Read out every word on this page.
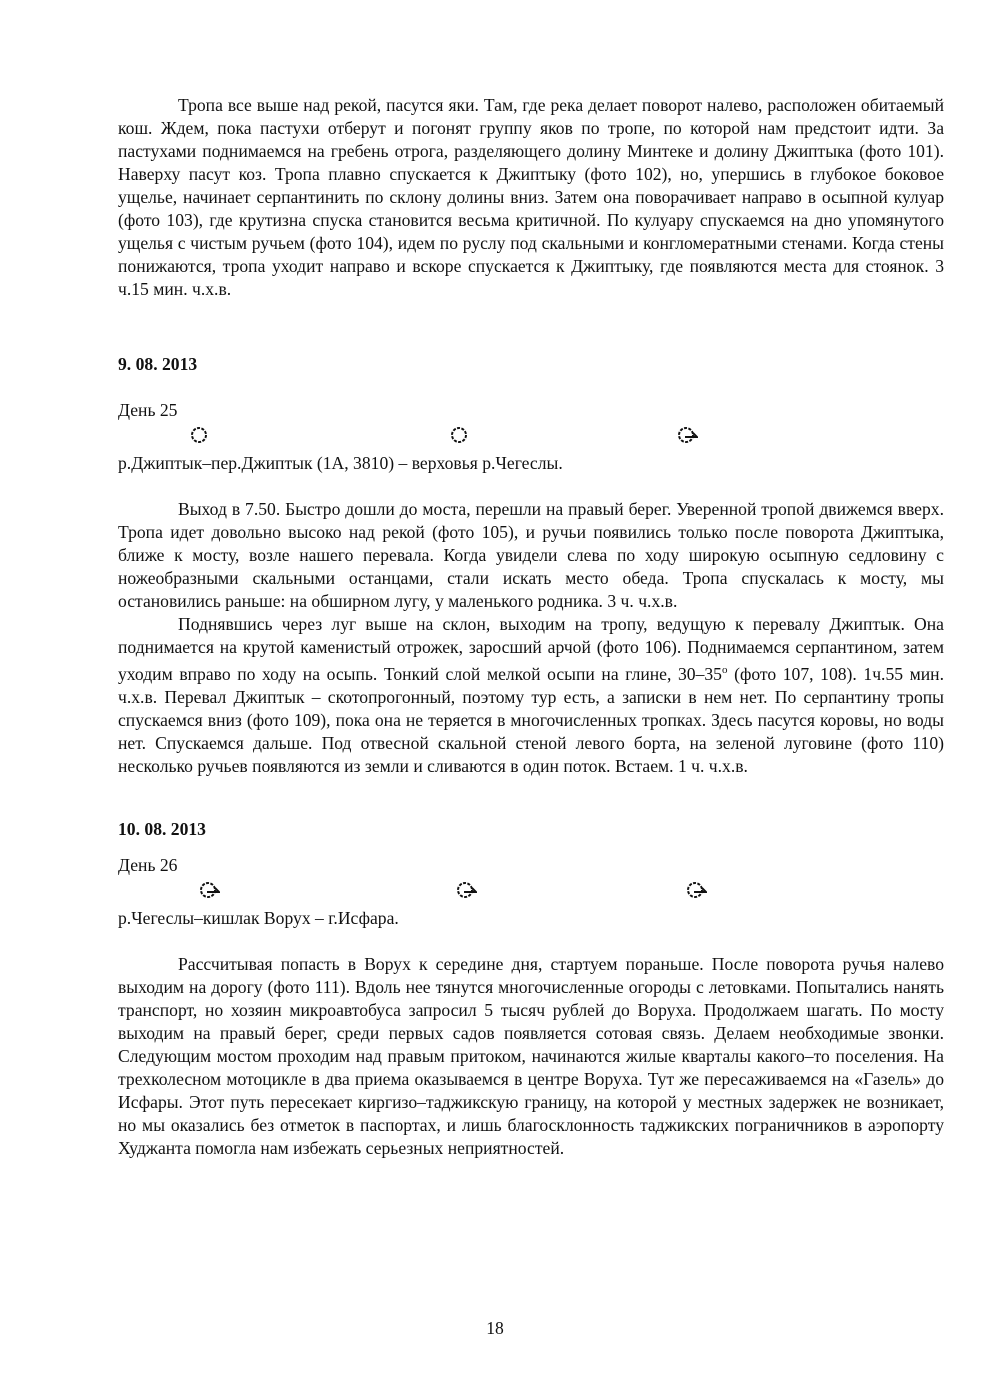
Тропа все выше над рекой, пасутся яки. Там, где река делает поворот налево, расположен обитаемый кош. Ждем, пока пастухи отберут и погонят группу яков по тропе, по которой нам предстоит идти. За пастухами поднимаемся на гребень отрога, разделяющего долину Минтеке и долину Джиптыка (фото 101). Наверху пасут коз. Тропа плавно спускается к Джиптыку (фото 102), но, упершись в глубокое боковое ущелье, начинает серпантинить по склону долины вниз. Затем она поворачивает направо в осыпной кулуар (фото 103), где крутизна спуска становится весьма критичной. По кулуару спускаемся на дно упомянутого ущелья с чистым ручьем (фото 104), идем по руслу под скальными и конгломератными стенами. Когда стены понижаются, тропа уходит направо и вскоре спускается к Джиптыку, где появляются места для стоянок. 3 ч.15 мин. ч.х.в.

9. 08. 2013

День 25

р.Джиптык–пер.Джиптык (1А, 3810) – верховья р.Чегеслы.

Выход в 7.50. Быстро дошли до моста, перешли на правый берег. Уверенной тропой движемся вверх. Тропа идет довольно высоко над рекой (фото 105), и ручьи появились только после поворота Джиптыка, ближе к мосту, возле нашего перевала. Когда увидели слева по ходу широкую осыпную седловину с ножеобразными скальными останцами, стали искать место обеда. Тропа спускалась к мосту, мы остановились раньше: на обширном лугу, у маленького родника. 3 ч. ч.х.в.

Поднявшись через луг выше на склон, выходим на тропу, ведущую к перевалу Джиптык. Она поднимается на крутой каменистый отрожек, заросший арчой (фото 106). Поднимаемся серпантином, затем уходим вправо по ходу на осыпь. Тонкий слой мелкой осыпи на глине, $30-35^о$ (фото 107, 108). 1ч.55 мин. ч.х.в. Перевал Джиптык – скотопрогонный, поэтому тур есть, а записки в нем нет. По серпантину тропы спускаемся вниз (фото 109), пока она не теряется в многочисленных тропках. Здесь пасутся коровы, но воды нет. Спускаемся дальше. Под отвесной скальной стеной левого борта, на зеленой луговине (фото 110) несколько ручьев появляются из земли и сливаются в один поток. Встаем. 1 ч. ч.х.в.

10. 08. 2013

День 26

р.Чегеслы–кишлак Ворух – г.Исфара.

Рассчитывая попасть в Ворух к середине дня, стартуем пораньше. После поворота ручья налево выходим на дорогу (фото 111). Вдоль нее тянутся многочисленные огороды с летовками. Попытались нанять транспорт, но хозяин микроавтобуса запросил 5 тысяч рублей до Воруха. Продолжаем шагать. По мосту выходим на правый берег, среди первых садов появляется сотовая связь. Делаем необходимые звонки. Следующим мостом проходим над правым притоком, начинаются жилые кварталы какого–то поселения. На трехколесном мотоцикле в два приема оказываемся в центре Воруха. Тут же пересаживаемся на «Газель» до Исфары. Этот путь пересекает киргизо–таджикскую границу, на которой у местных задержек не возникает, но мы оказались без отметок в паспортах, и лишь благосклонность таджикских пограничников в аэропорту Худжанта помогла нам избежать серьезных неприятностей.

18
